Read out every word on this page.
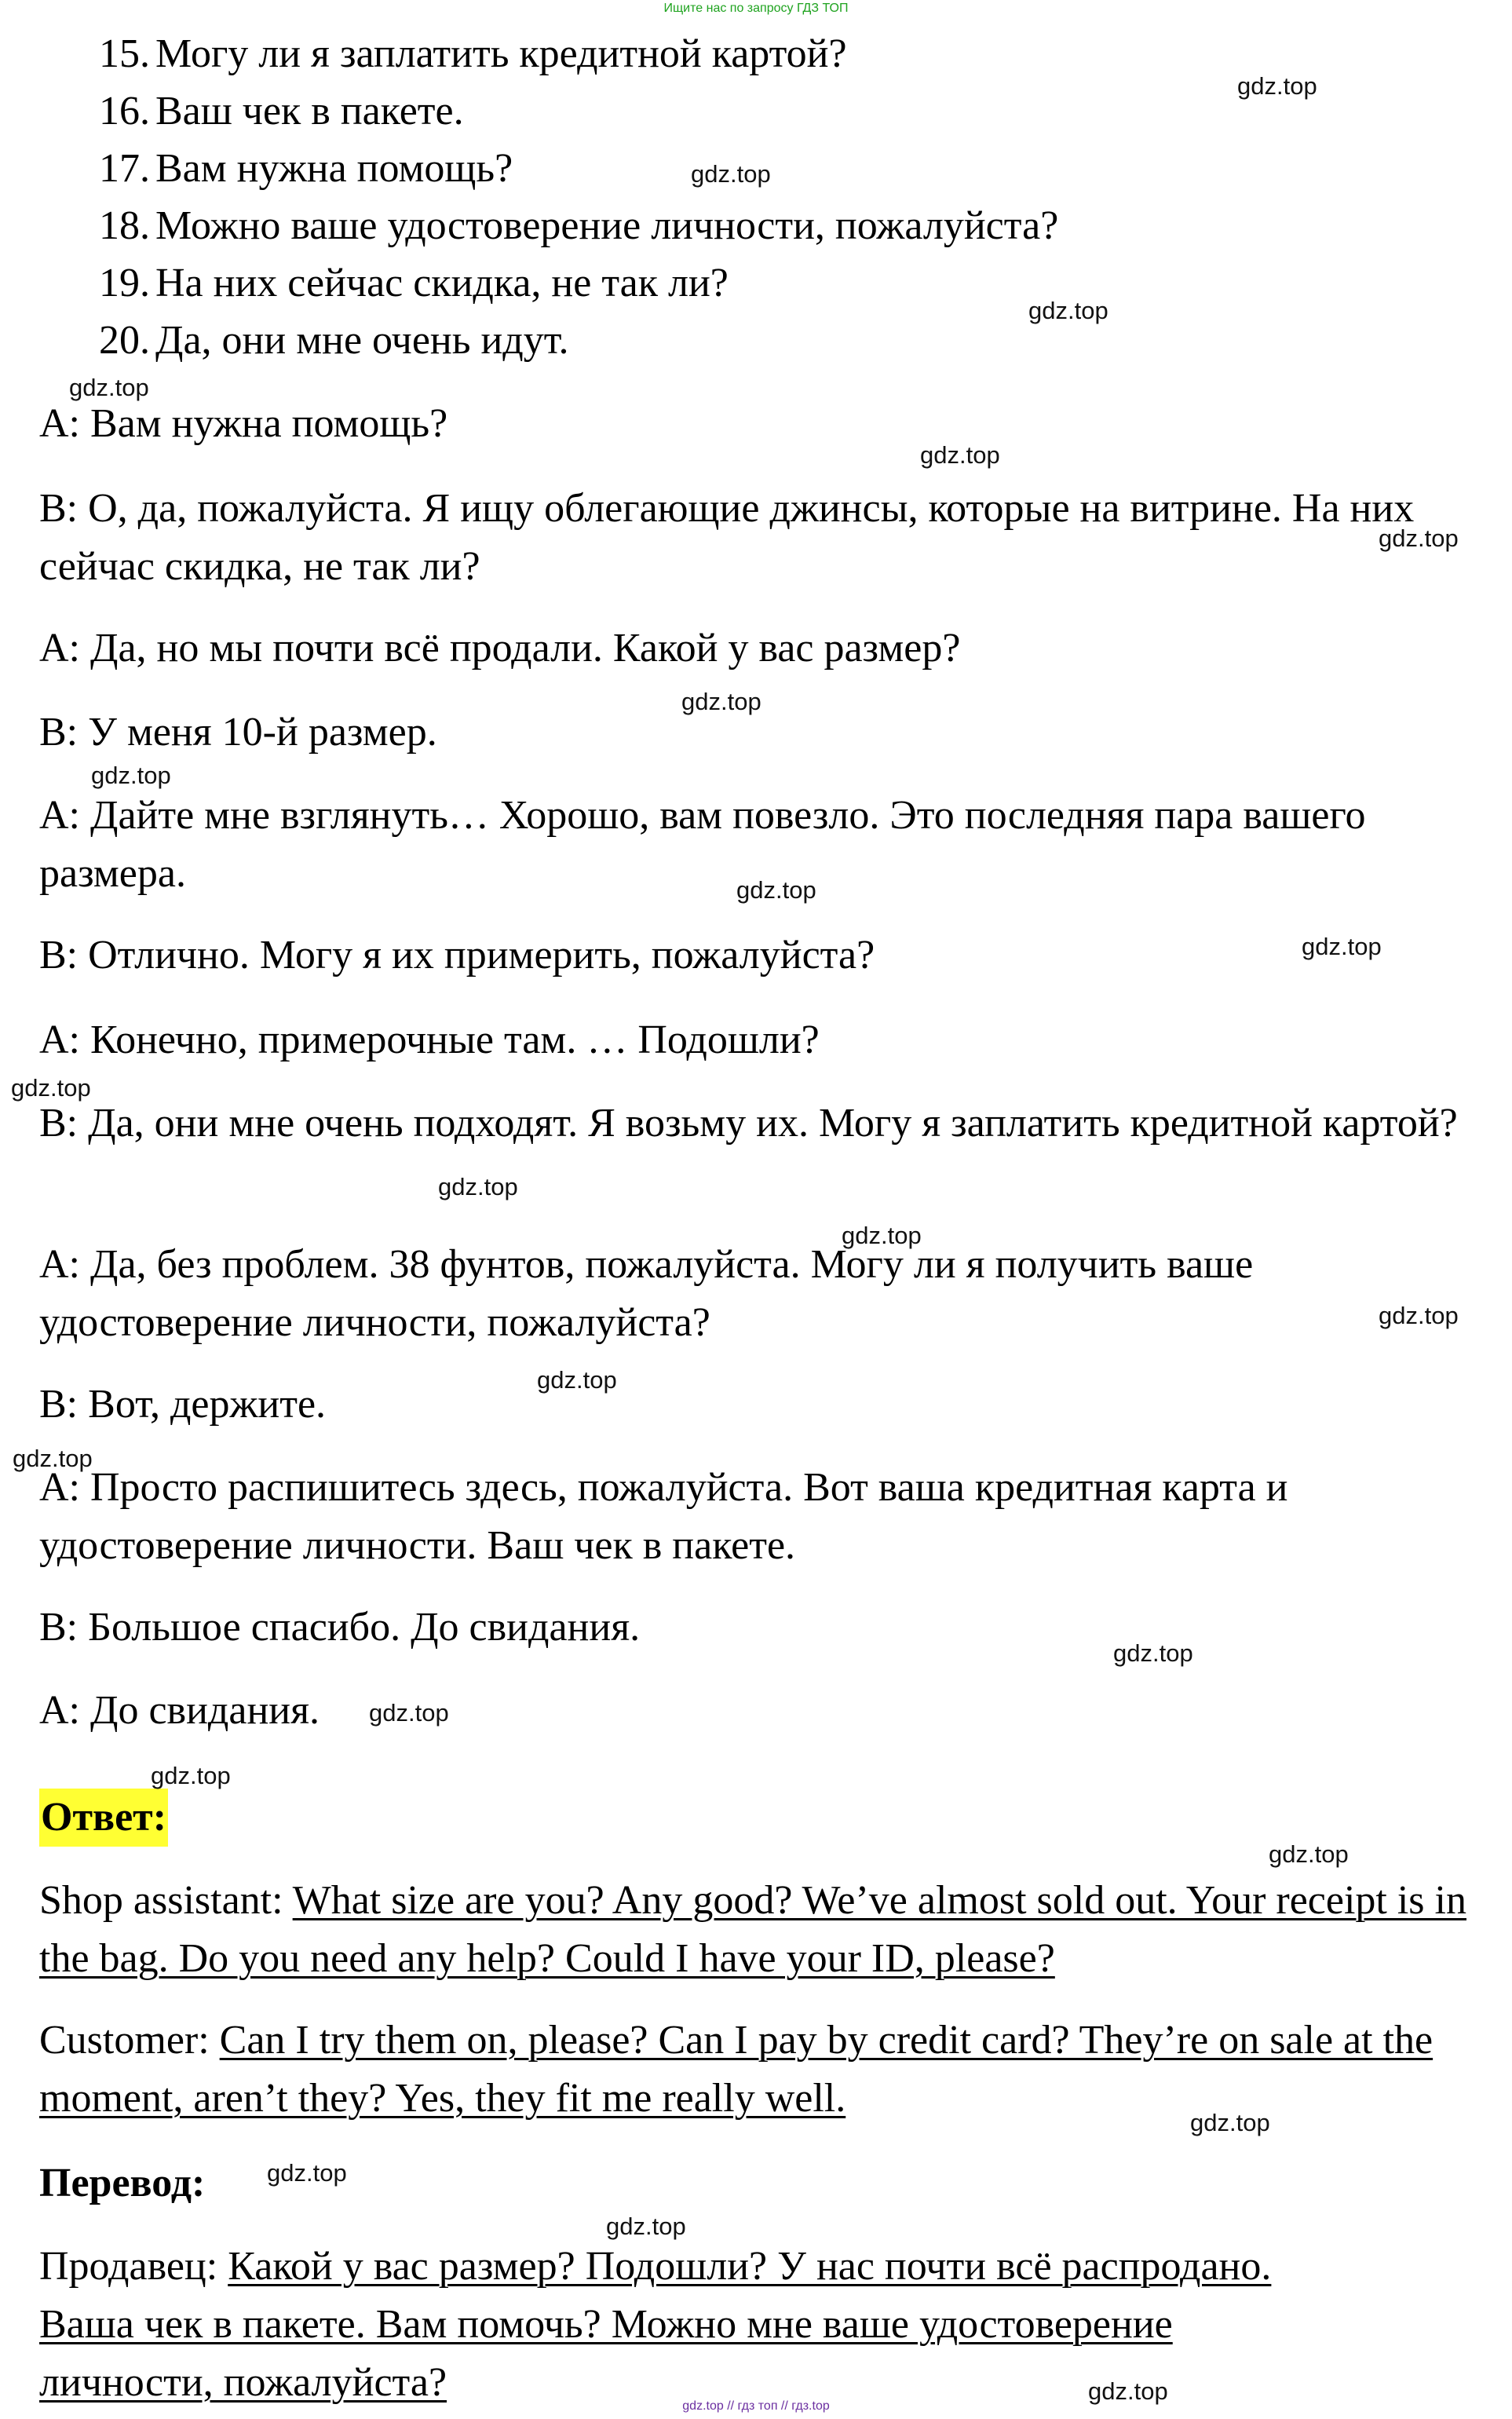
Ищите нас по запросу ГДЗ ТОП
15. Могу ли я заплатить кредитной картой?
16. Ваш чек в пакете.
17. Вам нужна помощь?
18. Можно ваше удостоверение личности, пожалуйста?
19. На них сейчас скидка, не так ли?
20. Да, они мне очень идут.

А: Вам нужна помощь?

В: О, да, пожалуйста. Я ищу облегающие джинсы, которые на витрине. На них сейчас скидка, не так ли?

А: Да, но мы почти всё продали. Какой у вас размер?

В: У меня 10-й размер.

А: Дайте мне взглянуть… Хорошо, вам повезло. Это последняя пара вашего размера.

В: Отлично. Могу я их примерить, пожалуйста?

А: Конечно, примерочные там. … Подошли?

В: Да, они мне очень подходят. Я возьму их. Могу я заплатить кредитной картой?

А: Да, без проблем. 38 фунтов, пожалуйста. Могу ли я получить ваше удостоверение личности, пожалуйста?

В: Вот, держите.

А: Просто распишитесь здесь, пожалуйста. Вот ваша кредитная карта и удостоверение личности. Ваш чек в пакете.

В: Большое спасибо. До свидания.

А: До свидания.

Ответ:

Shop assistant: What size are you? Any good? We’ve almost sold out. Your receipt is in the bag. Do you need any help? Could I have your ID, please?

Customer: Can I try them on, please? Can I pay by credit card? They’re on sale at the moment, aren’t they? Yes, they fit me really well.

Перевод:

Продавец: Какой у вас размер? Подошли? У нас почти всё распродано. Ваша чек в пакете. Вам помочь? Можно мне ваше удостоверение личности, пожалуйста?

gdz.top
gdz.top
gdz.top
gdz.top
gdz.top
gdz.top
gdz.top
gdz.top
gdz.top
gdz.top
gdz.top
gdz.top
gdz.top
gdz.top
gdz.top
gdz.top
gdz.top
gdz.top
gdz.top
gdz.top
gdz.top
gdz.top
gdz.top
gdz.top
gdz.top // гдз топ // гдз.top
